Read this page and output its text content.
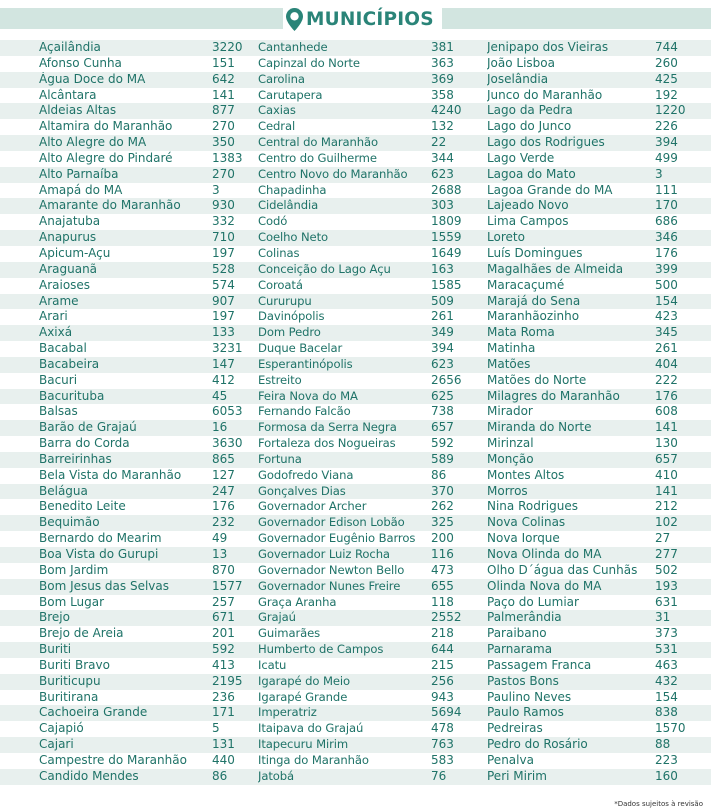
MUNICÍPIOS
Açailândia	3220	Cantanhede	381	Jenipapo dos Vieiras	744
Afonso Cunha	151	Capinzal do Norte	363	João Lisboa	260
Água Doce do MA	642	Carolina	369	Joselândia	425
Alcântara	141	Carutapera	358	Junco do Maranhão	192
Aldeias Altas	877	Caxias	4240	Lago da Pedra	1220
Altamira do Maranhão	270	Cedral	132	Lago do Junco	226
Alto Alegre do MA	350	Central do Maranhão	22	Lago dos Rodrigues	394
Alto Alegre do Pindaré	1383	Centro do Guilherme	344	Lago Verde	499
Alto Parnaíba	270	Centro Novo do Maranhão	623	Lagoa do Mato	3
Amapá do MA	3	Chapadinha	2688	Lagoa Grande do MA	111
Amarante do Maranhão	930	Cidelândia	303	Lajeado Novo	170
Anajatuba	332	Codó	1809	Lima Campos	686
Anapurus	710	Coelho Neto	1559	Loreto	346
Apicum-Açu	197	Colinas	1649	Luís Domingues	176
Araguanã	528	Conceição do Lago Açu	163	Magalhães de Almeida	399
Araioses	574	Coroatá	1585	Maracaçumé	500
Arame	907	Cururupu	509	Marajá do Sena	154
Arari	197	Davinópolis	261	Maranhãozinho	423
Axixá	133	Dom Pedro	349	Mata Roma	345
Bacabal	3231	Duque Bacelar	394	Matinha	261
Bacabeira	147	Esperantinópolis	623	Matões	404
Bacuri	412	Estreito	2656	Matões do Norte	222
Bacurituba	45	Feira Nova do MA	625	Milagres do Maranhão	176
Balsas	6053	Fernando Falcão	738	Mirador	608
Barão de Grajaú	16	Formosa da Serra Negra	657	Miranda do Norte	141
Barra do Corda	3630	Fortaleza dos Nogueiras	592	Mirinzal	130
Barreirinhas	865	Fortuna	589	Monção	657
Bela Vista do Maranhão	127	Godofredo Viana	86	Montes Altos	410
Belágua	247	Gonçalves Dias	370	Morros	141
Benedito Leite	176	Governador Archer	262	Nina Rodrigues	212
Bequimão	232	Governador Edison Lobão	325	Nova Colinas	102
Bernardo do Mearim	49	Governador Eugênio Barros	200	Nova Iorque	27
Boa Vista do Gurupi	13	Governador Luiz Rocha	116	Nova Olinda do MA	277
Bom Jardim	870	Governador Newton Bello	473	Olho D´água das Cunhãs	502
Bom Jesus das Selvas	1577	Governador Nunes Freire	655	Olinda Nova do MA	193
Bom Lugar	257	Graça Aranha	118	Paço do Lumiar	631
Brejo	671	Grajaú	2552	Palmerândia	31
Brejo de Areia	201	Guimarães	218	Paraibano	373
Buriti	592	Humberto de Campos	644	Parnarama	531
Buriti Bravo	413	Icatu	215	Passagem Franca	463
Buriticupu	2195	Igarapé do Meio	256	Pastos Bons	432
Buritirana	236	Igarapé Grande	943	Paulino Neves	154
Cachoeira Grande	171	Imperatriz	5694	Paulo Ramos	838
Cajapió	5	Itaipava do Grajaú	478	Pedreiras	1570
Cajari	131	Itapecuru Mirim	763	Pedro do Rosário	88
Campestre do Maranhão	440	Itinga do Maranhão	583	Penalva	223
Candido Mendes	86	Jatobá	76	Peri Mirim	160
*Dados sujeitos à revisão
